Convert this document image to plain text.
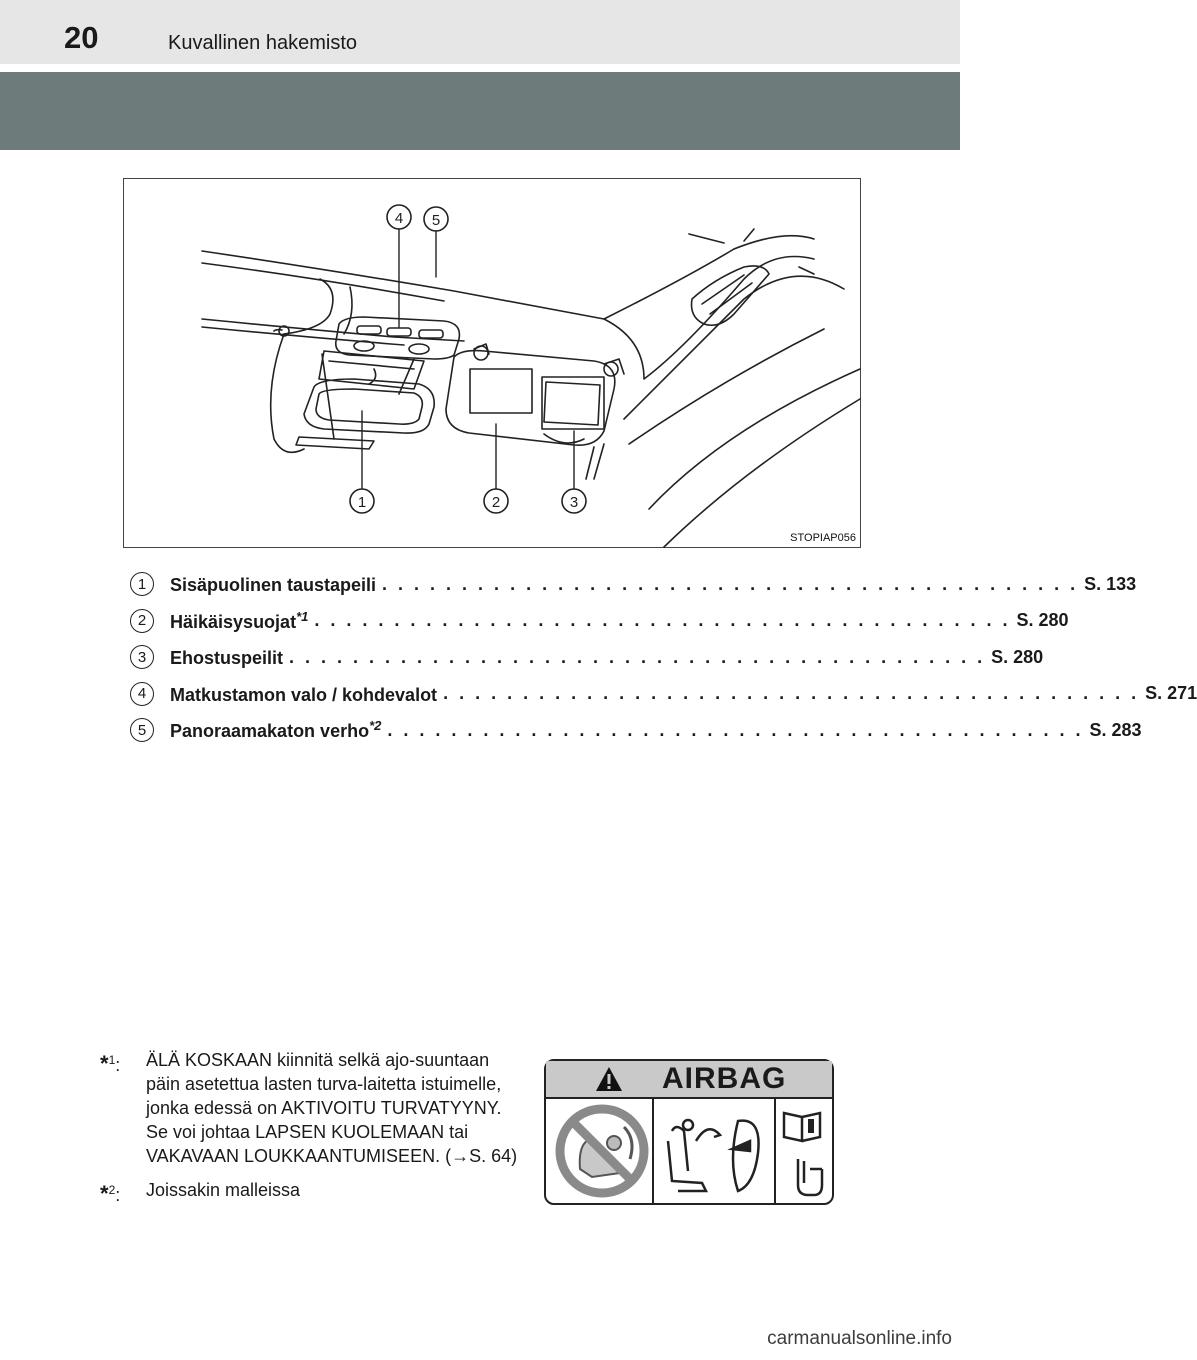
20	Kuvallinen hakemisto
4 5
1	2	3
STOPIAP056
1	Sisäpuolinen taustapeili . . . . . . . . . . . . . . . . . . . . . . . . . . . . . . . . . . . . . . . . . . . . S. 133
2	Häikäisysuojat$^{*1}$ . . . . . . . . . . . . . . . . . . . . . . . . . . . . . . . . . . . . . . . . . . . . S. 280
3	Ehostuspeilit . . . . . . . . . . . . . . . . . . . . . . . . . . . . . . . . . . . . . . . . . . . . S. 280
4	Matkustamon valo / kohdevalot . . . . . . . . . . . . . . . . . . . . . . . . . . . . . . . . . . . . . . . . . . . . S. 271
5	Panoraamakaton verho$^{*2}$ . . . . . . . . . . . . . . . . . . . . . . . . . . . . . . . . . . . . . . . . . . . . S. 283
*$^1$: ÄLÄ KOSKAAN kiinnitä selkä ajo-suuntaan päin asetettua lasten turva-laitetta istuimelle, jonka edessä on AKTIVOITU TURVATYYNY. Se voi johtaa LAPSEN KUOLEMAAN tai VAKAVAAN LOUKKAANTUMISEEN. (→S. 64)
*$^2$: Joissakin malleissa
AIRBAG
carmanualsonline.info
